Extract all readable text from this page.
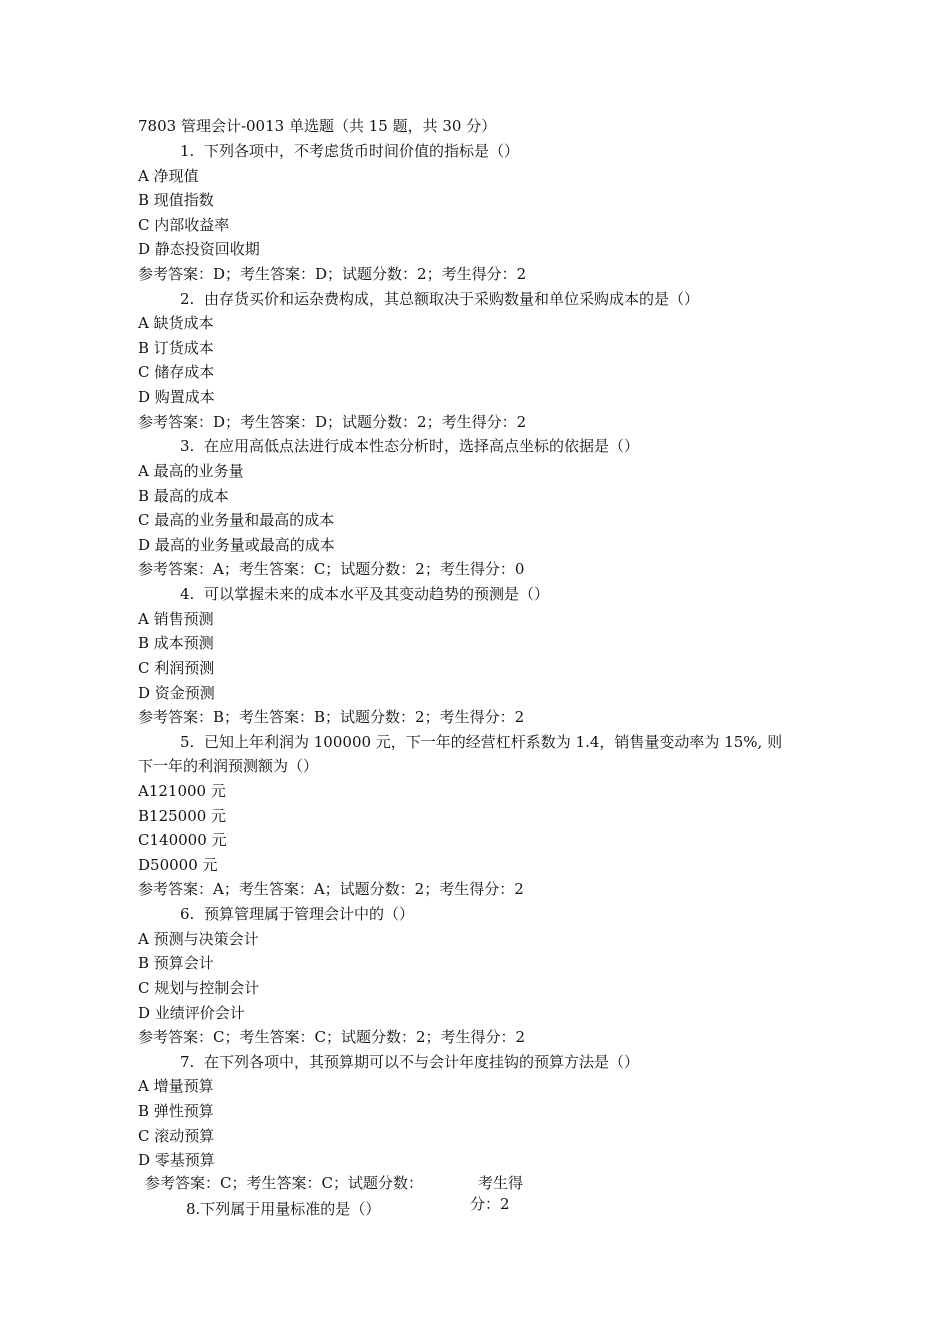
7803 管理会计-0013 单选题（共 15 题，共 30 分）
1. 下列各项中，不考虑货币时间价值的指标是（）
A 净现值
B 现值指数
C 内部收益率
D 静态投资回收期
参考答案：D；考生答案：D；试题分数：2；考生得分：2
2. 由存货买价和运杂费构成，其总额取决于采购数量和单位采购成本的是（）
A 缺货成本
B 订货成本
C 储存成本
D 购置成本
参考答案：D；考生答案：D；试题分数：2；考生得分：2
3. 在应用高低点法进行成本性态分析时，选择高点坐标的依据是（）
A 最高的业务量
B 最高的成本
C 最高的业务量和最高的成本
D 最高的业务量或最高的成本
参考答案：A；考生答案：C；试题分数：2；考生得分：0
4. 可以掌握未来的成本水平及其变动趋势的预测是（）
A 销售预测
B 成本预测
C 利润预测
D 资金预测
参考答案：B；考生答案：B；试题分数：2；考生得分：2
5. 已知上年利润为 100000 元，下一年的经营杠杆系数为 1.4，销售量变动率为 15%, 则
下一年的利润预测额为（）
A121000 元
B125000 元
C140000 元
D50000 元
参考答案：A；考生答案：A；试题分数：2；考生得分：2
6. 预算管理属于管理会计中的（）
A 预测与决策会计
B 预算会计
C 规划与控制会计
D 业绩评价会计
参考答案：C；考生答案：C；试题分数：2；考生得分：2
7. 在下列各项中，其预算期可以不与会计年度挂钩的预算方法是（）
A 增量预算
B 弹性预算
C 滚动预算
D 零基预算
参考答案：C；考生答案：C；试题分数：	考生得
分：2
8.下列属于用量标准的是（）
